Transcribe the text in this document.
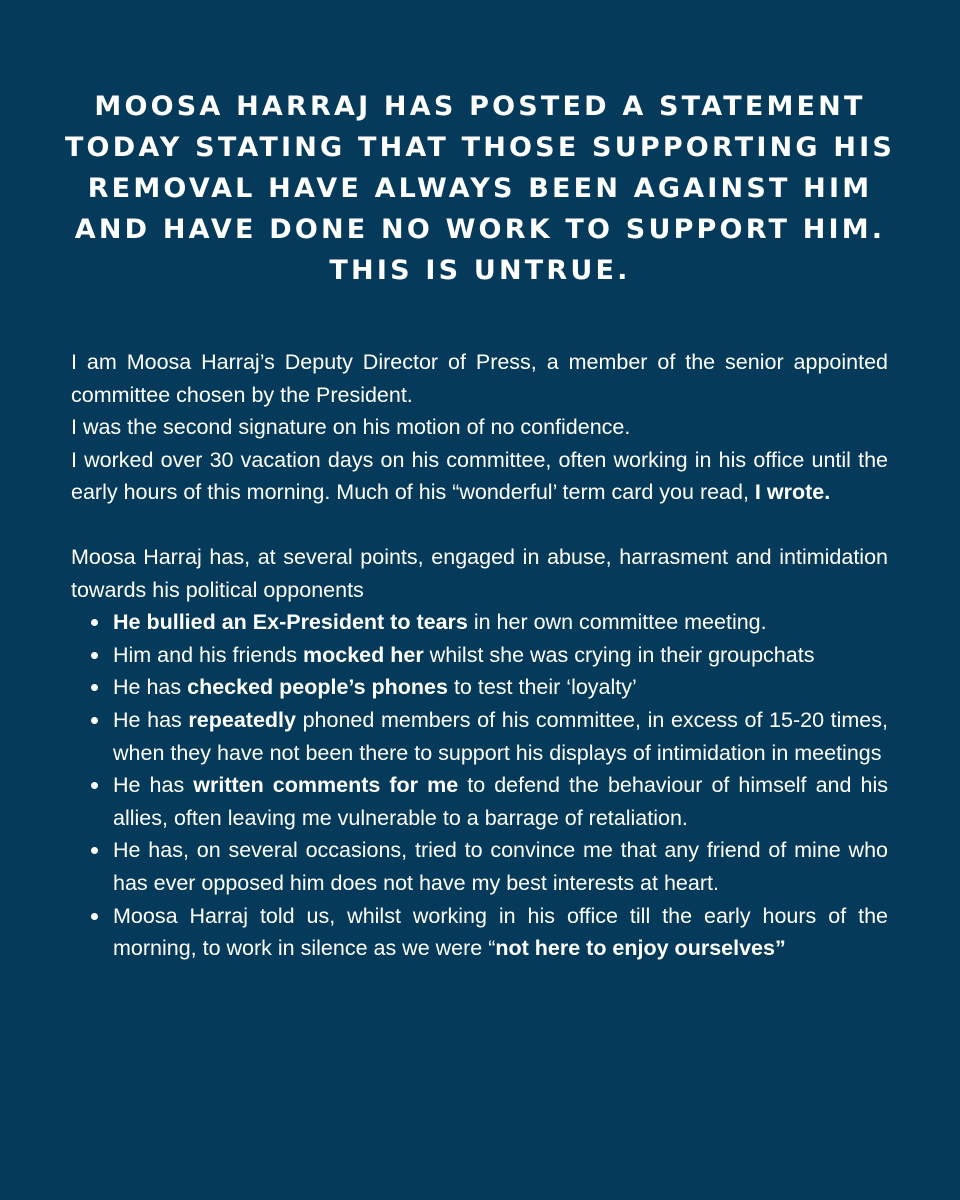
MOOSA HARRAJ HAS POSTED A STATEMENT
TODAY STATING THAT THOSE SUPPORTING HIS
REMOVAL HAVE ALWAYS BEEN AGAINST HIM
AND HAVE DONE NO WORK TO SUPPORT HIM.
THIS IS UNTRUE.

I am Moosa Harraj’s Deputy Director of Press, a member of the senior appointed committee chosen by the President.

I was the second signature on his motion of no confidence.

I worked over 30 vacation days on his committee, often working in his office until the early hours of this morning. Much of his “wonderful’ term card you read, I wrote.

Moosa Harraj has, at several points, engaged in abuse, harrasment and intimidation towards his political opponents

He bullied an Ex-President to tears in her own committee meeting.
Him and his friends mocked her whilst she was crying in their groupchats
He has checked people’s phones to test their ‘loyalty’
He has repeatedly phoned members of his committee, in excess of 15-20 times, when they have not been there to support his displays of intimidation in meetings
He has written comments for me to defend the behaviour of himself and his allies, often leaving me vulnerable to a barrage of retaliation.
He has, on several occasions, tried to convince me that any friend of mine who has ever opposed him does not have my best interests at heart.
Moosa Harraj told us, whilst working in his office till the early hours of the morning, to work in silence as we were “not here to enjoy ourselves”
